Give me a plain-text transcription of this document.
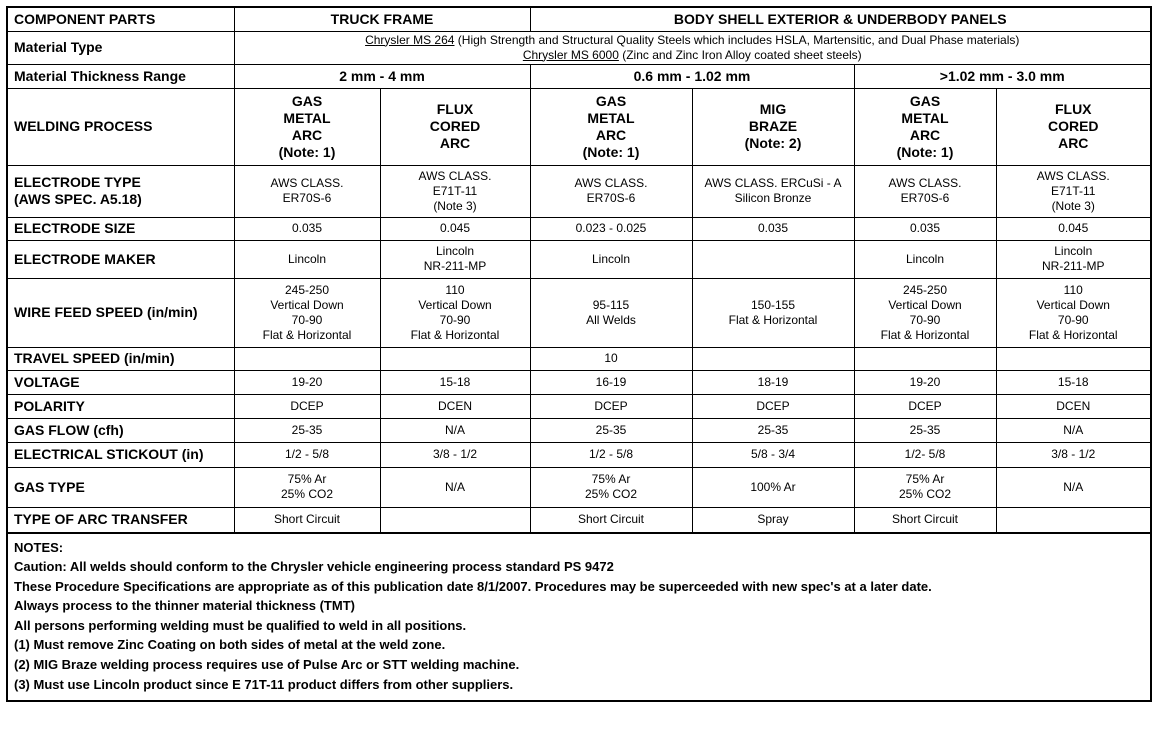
COMPONENT PARTS	TRUCK FRAME		BODY SHELL EXTERIOR & UNDERBODY PANELS			
Material Type	Chrysler MS 264 (High Strength and Structural Quality Steels which includes HSLA, Martensitic, and Dual Phase materials)
Chrysler MS 6000 (Zinc and Zinc Iron Alloy coated sheet steels)					

Material Thickness Range	2 mm - 4 mm		0.6 mm - 1.02 mm		>1.02 mm - 3.0 mm	
WELDING PROCESS	GAS
METAL
ARC
(Note: 1)	FLUX
CORED
ARC	GAS
METAL
ARC
(Note: 1)	MIG
BRAZE
(Note: 2)	GAS
METAL
ARC
(Note: 1)	FLUX
CORED
ARC

ELECTRODE TYPE
(AWS SPEC. A5.18)	AWS CLASS.
ER70S-6	AWS CLASS.
E71T-11
(Note 3)	AWS CLASS.
ER70S-6	AWS CLASS. ERCuSi - A
Silicon Bronze	AWS CLASS.
ER70S-6	AWS CLASS.
E71T-11
(Note 3)

ELECTRODE SIZE	0.035	0.045	0.023 - 0.025	0.035	0.035	0.045
ELECTRODE MAKER	Lincoln	Lincoln
NR-211-MP	Lincoln		Lincoln	Lincoln
NR-211-MP

WIRE FEED SPEED (in/min)	245-250
Vertical Down
70-90
Flat & Horizontal	110
Vertical Down
70-90
Flat & Horizontal	95-115
All Welds	150-155
Flat & Horizontal	245-250
Vertical Down
70-90
Flat & Horizontal	110
Vertical Down
70-90
Flat & Horizontal

TRAVEL SPEED (in/min)			10			
VOLTAGE	19-20	15-18	16-19	18-19	19-20	15-18
POLARITY	DCEP	DCEN	DCEP	DCEP	DCEP	DCEN
GAS FLOW (cfh)	25-35	N/A	25-35	25-35	25-35	N/A
ELECTRICAL STICKOUT (in)	1/2 - 5/8	3/8 - 1/2	1/2 - 5/8	5/8 - 3/4	1/2- 5/8	3/8 - 1/2
GAS TYPE	75% Ar
25% CO2	N/A	75% Ar
25% CO2	100% Ar	75% Ar
25% CO2	N/A

TYPE OF ARC TRANSFER	Short Circuit		Short Circuit	Spray	Short Circuit	
NOTES:
Caution: All welds should conform to the Chrysler vehicle engineering process standard PS 9472
These Procedure Specifications are appropriate as of this publication date 8/1/2007. Procedures may be superceeded with new spec's at a later date.
Always process to the thinner material thickness (TMT)
All persons performing welding must be qualified to weld in all positions.
(1) Must remove Zinc Coating on both sides of metal at the weld zone.
(2) MIG Braze welding process requires use of Pulse Arc or STT welding machine.
(3) Must use Lincoln product since E 71T-11 product differs from other suppliers.
